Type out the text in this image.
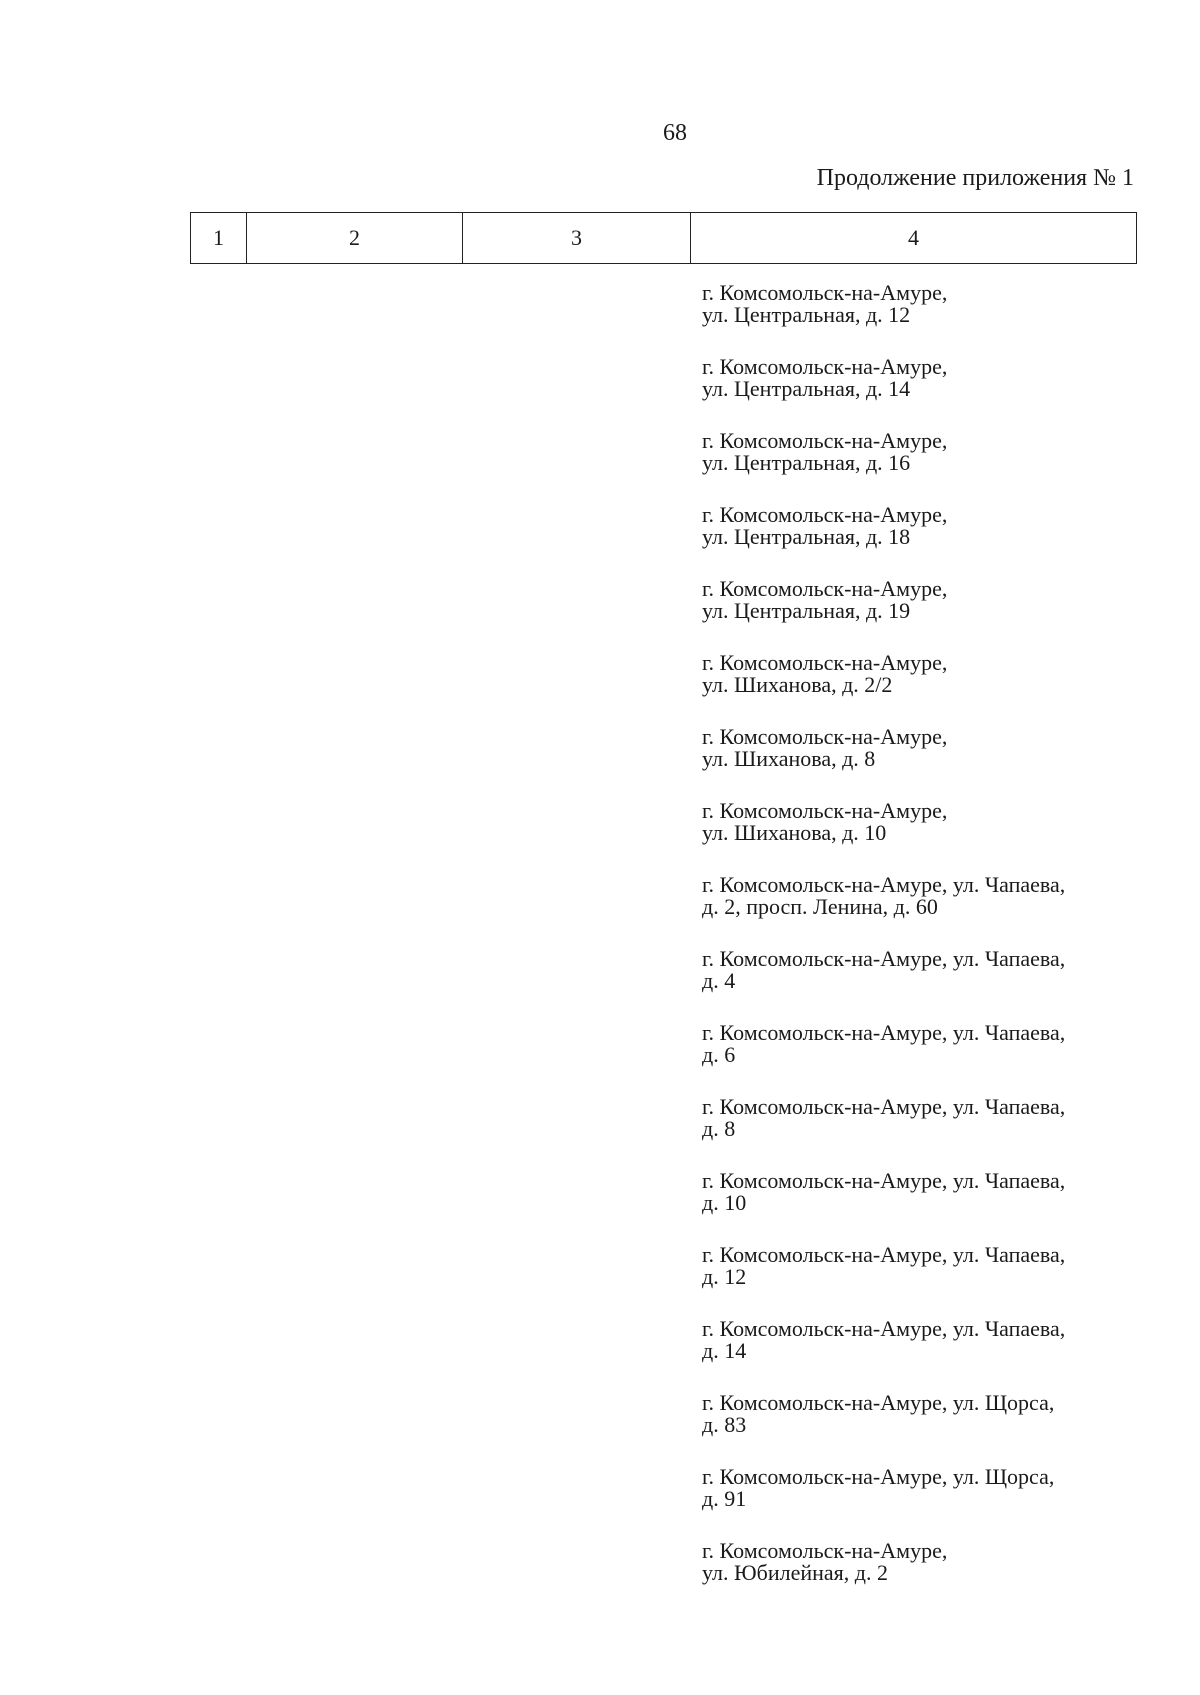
68
Продолжение приложения № 1
1	2	3	4
г. Комсомольск-на-Амуре,
ул. Центральная, д. 12
г. Комсомольск-на-Амуре,
ул. Центральная, д. 14
г. Комсомольск-на-Амуре,
ул. Центральная, д. 16
г. Комсомольск-на-Амуре,
ул. Центральная, д. 18
г. Комсомольск-на-Амуре,
ул. Центральная, д. 19
г. Комсомольск-на-Амуре,
ул. Шиханова, д. 2/2
г. Комсомольск-на-Амуре,
ул. Шиханова, д. 8
г. Комсомольск-на-Амуре,
ул. Шиханова, д. 10
г. Комсомольск-на-Амуре, ул. Чапаева,
д. 2, просп. Ленина, д. 60
г. Комсомольск-на-Амуре, ул. Чапаева,
д. 4
г. Комсомольск-на-Амуре, ул. Чапаева,
д. 6
г. Комсомольск-на-Амуре, ул. Чапаева,
д. 8
г. Комсомольск-на-Амуре, ул. Чапаева,
д. 10
г. Комсомольск-на-Амуре, ул. Чапаева,
д. 12
г. Комсомольск-на-Амуре, ул. Чапаева,
д. 14
г. Комсомольск-на-Амуре, ул. Щорса,
д. 83
г. Комсомольск-на-Амуре, ул. Щорса,
д. 91
г. Комсомольск-на-Амуре,
ул. Юбилейная, д. 2
